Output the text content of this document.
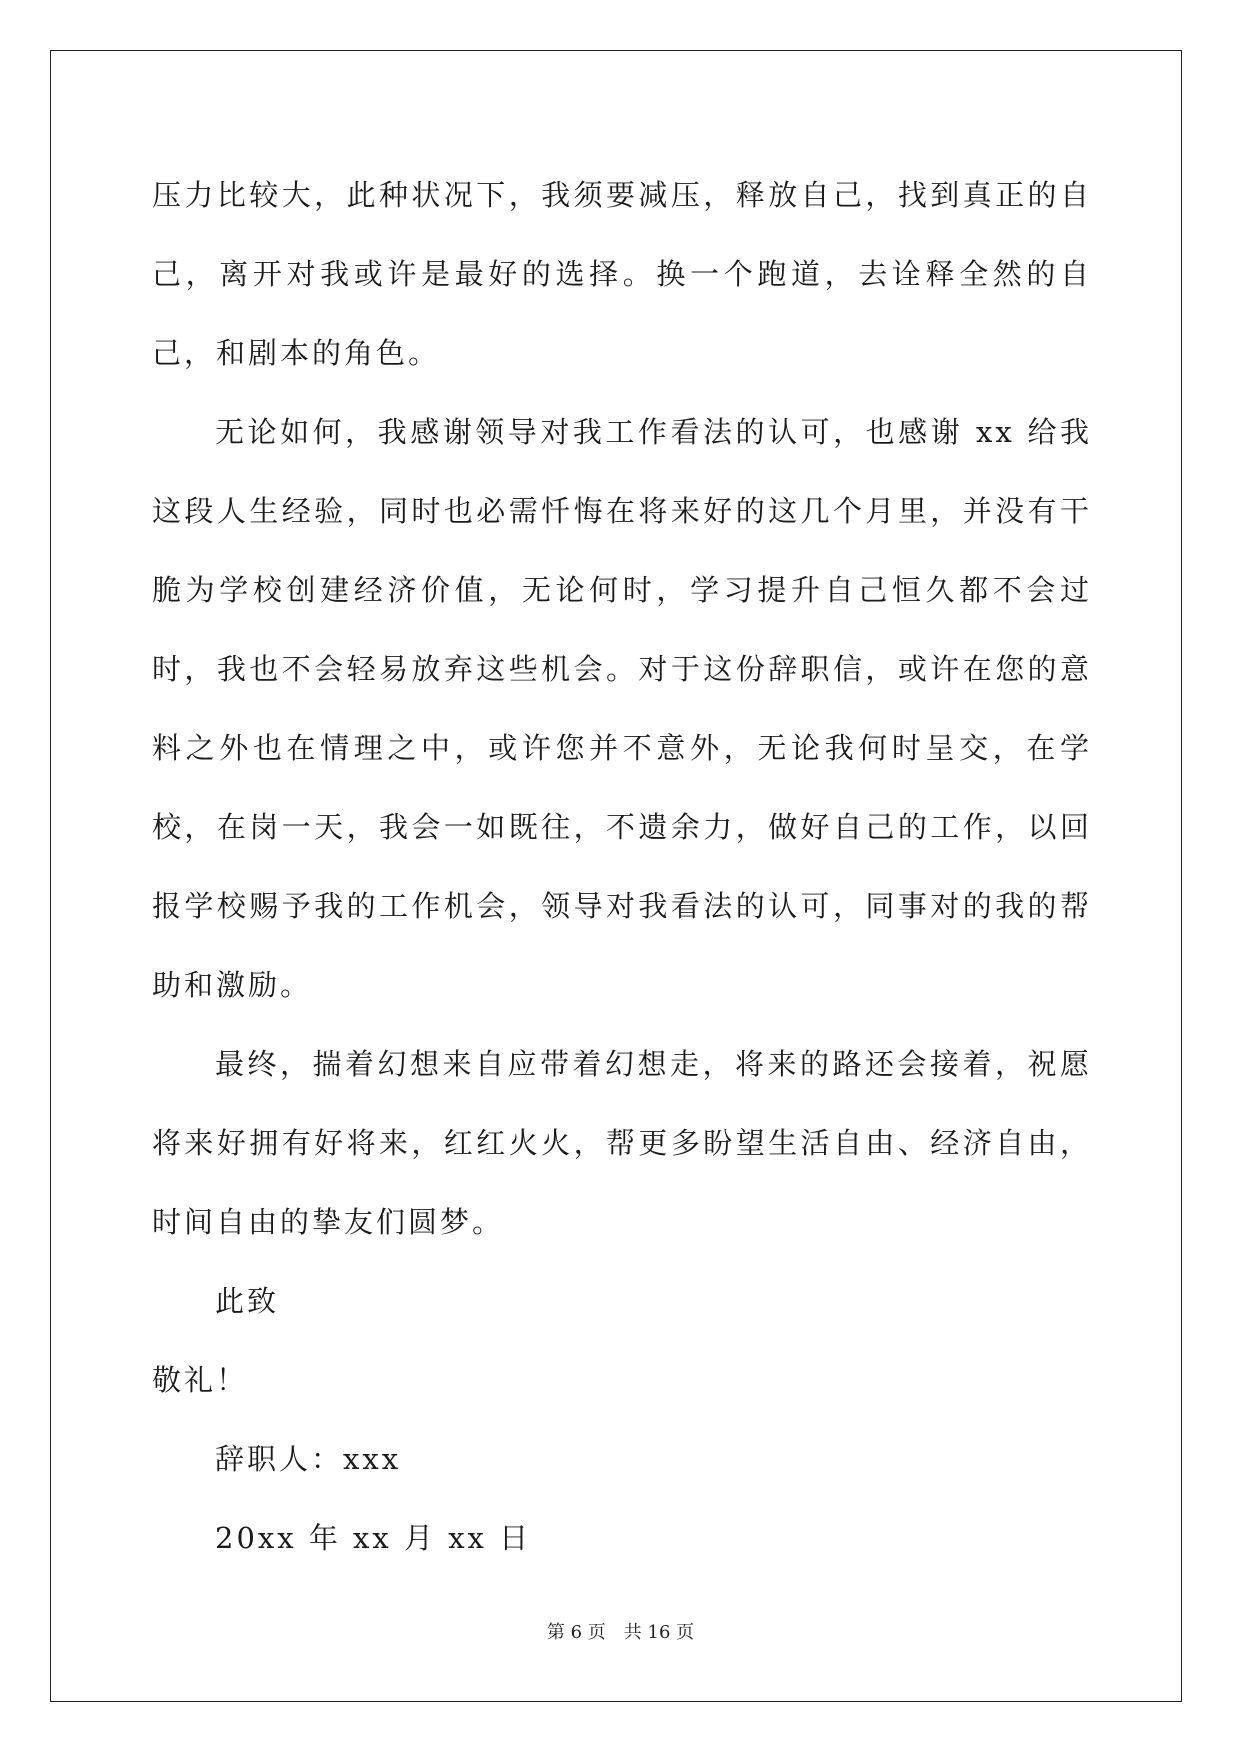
压力比较大，此种状况下，我须要减压，释放自己，找到真正的自己，离开对我或许是最好的选择。换一个跑道，去诠释全然的自己，和剧本的角色。

无论如何，我感谢领导对我工作看法的认可，也感谢 xx 给我这段人生经验，同时也必需忏悔在将来好的这几个月里，并没有干脆为学校创建经济价值，无论何时，学习提升自己恒久都不会过时，我也不会轻易放弃这些机会。对于这份辞职信，或许在您的意料之外也在情理之中，或许您并不意外，无论我何时呈交，在学校，在岗一天，我会一如既往，不遗余力，做好自己的工作，以回报学校赐予我的工作机会，领导对我看法的认可，同事对的我的帮助和激励。

最终，揣着幻想来自应带着幻想走，将来的路还会接着，祝愿将来好拥有好将来，红红火火，帮更多盼望生活自由、经济自由，时间自由的挚友们圆梦。

此致

敬礼！

辞职人：xxx

20xx 年 xx 月 xx 日

第 6 页　共 16 页
